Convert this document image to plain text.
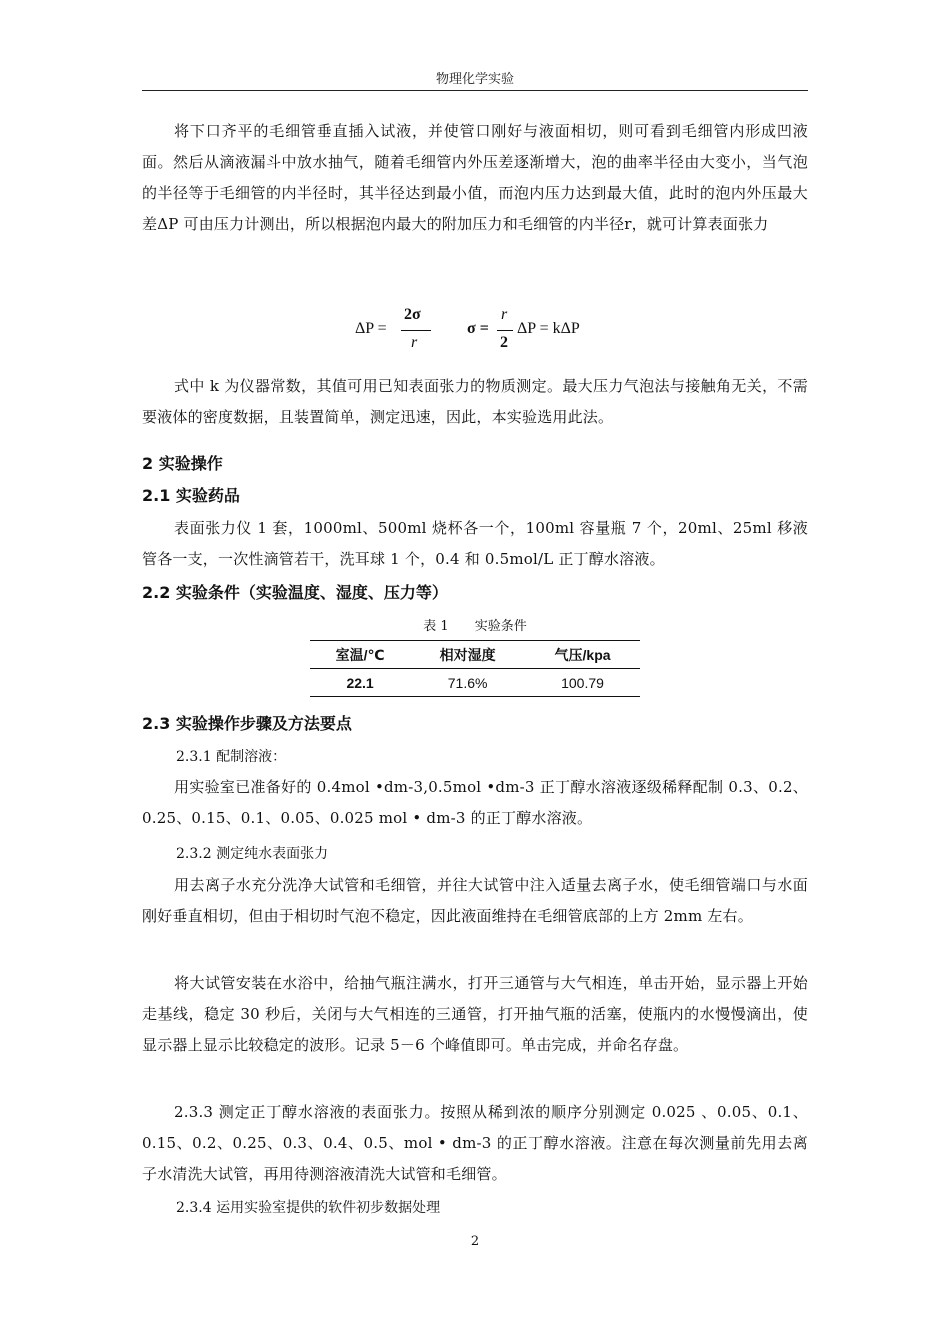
物理化学实验

将下口齐平的毛细管垂直插入试液，并使管口刚好与液面相切，则可看到毛细管内形成凹液面。然后从滴液漏斗中放水抽气，随着毛细管内外压差逐渐增大，泡的曲率半径由大变小，当气泡的半径等于毛细管的内半径时，其半径达到最小值，而泡内压力达到最大值，此时的泡内外压最大差ΔP 可由压力计测出，所以根据泡内最大的附加压力和毛细管的内半径r，就可计算表面张力

ΔP =
2σ
r
σ =
r
2
ΔP = kΔP

式中 k 为仪器常数，其值可用已知表面张力的物质测定。最大压力气泡法与接触角无关，不需要液体的密度数据，且装置简单，测定迅速，因此，本实验选用此法。

2 实验操作
2.1 实验药品

表面张力仪 1 套，1000ml、500ml 烧杯各一个，100ml 容量瓶 7 个，20ml、25ml 移液管各一支，一次性滴管若干，洗耳球 1 个，0.4 和 0.5mol/L 正丁醇水溶液。

2.2 实验条件（实验温度、湿度、压力等）
表 1　　实验条件
室温/℃	相对湿度	气压/kpa
22.1	71.6%	100.79
2.3 实验操作步骤及方法要点
2.3.1 配制溶液：

用实验室已准备好的 0.4mol •dm-3,0.5mol •dm-3 正丁醇水溶液逐级稀释配制 0.3、0.2、0.25、0.15、0.1、0.05、0.025 mol • dm-3 的正丁醇水溶液。

2.3.2 测定纯水表面张力

用去离子水充分洗净大试管和毛细管，并往大试管中注入适量去离子水，使毛细管端口与水面刚好垂直相切，但由于相切时气泡不稳定，因此液面维持在毛细管底部的上方 2mm 左右。

将大试管安装在水浴中，给抽气瓶注满水，打开三通管与大气相连，单击开始，显示器上开始走基线，稳定 30 秒后，关闭与大气相连的三通管，打开抽气瓶的活塞，使瓶内的水慢慢滴出，使显示器上显示比较稳定的波形。记录 5－6 个峰值即可。单击完成，并命名存盘。

2.3.3 测定正丁醇水溶液的表面张力。按照从稀到浓的顺序分别测定 0.025 、0.05、0.1、0.15、0.2、0.25、0.3、0.4、0.5、mol • dm-3 的正丁醇水溶液。注意在每次测量前先用去离子水清洗大试管，再用待测溶液清洗大试管和毛细管。

2.3.4 运用实验室提供的软件初步数据处理
2
